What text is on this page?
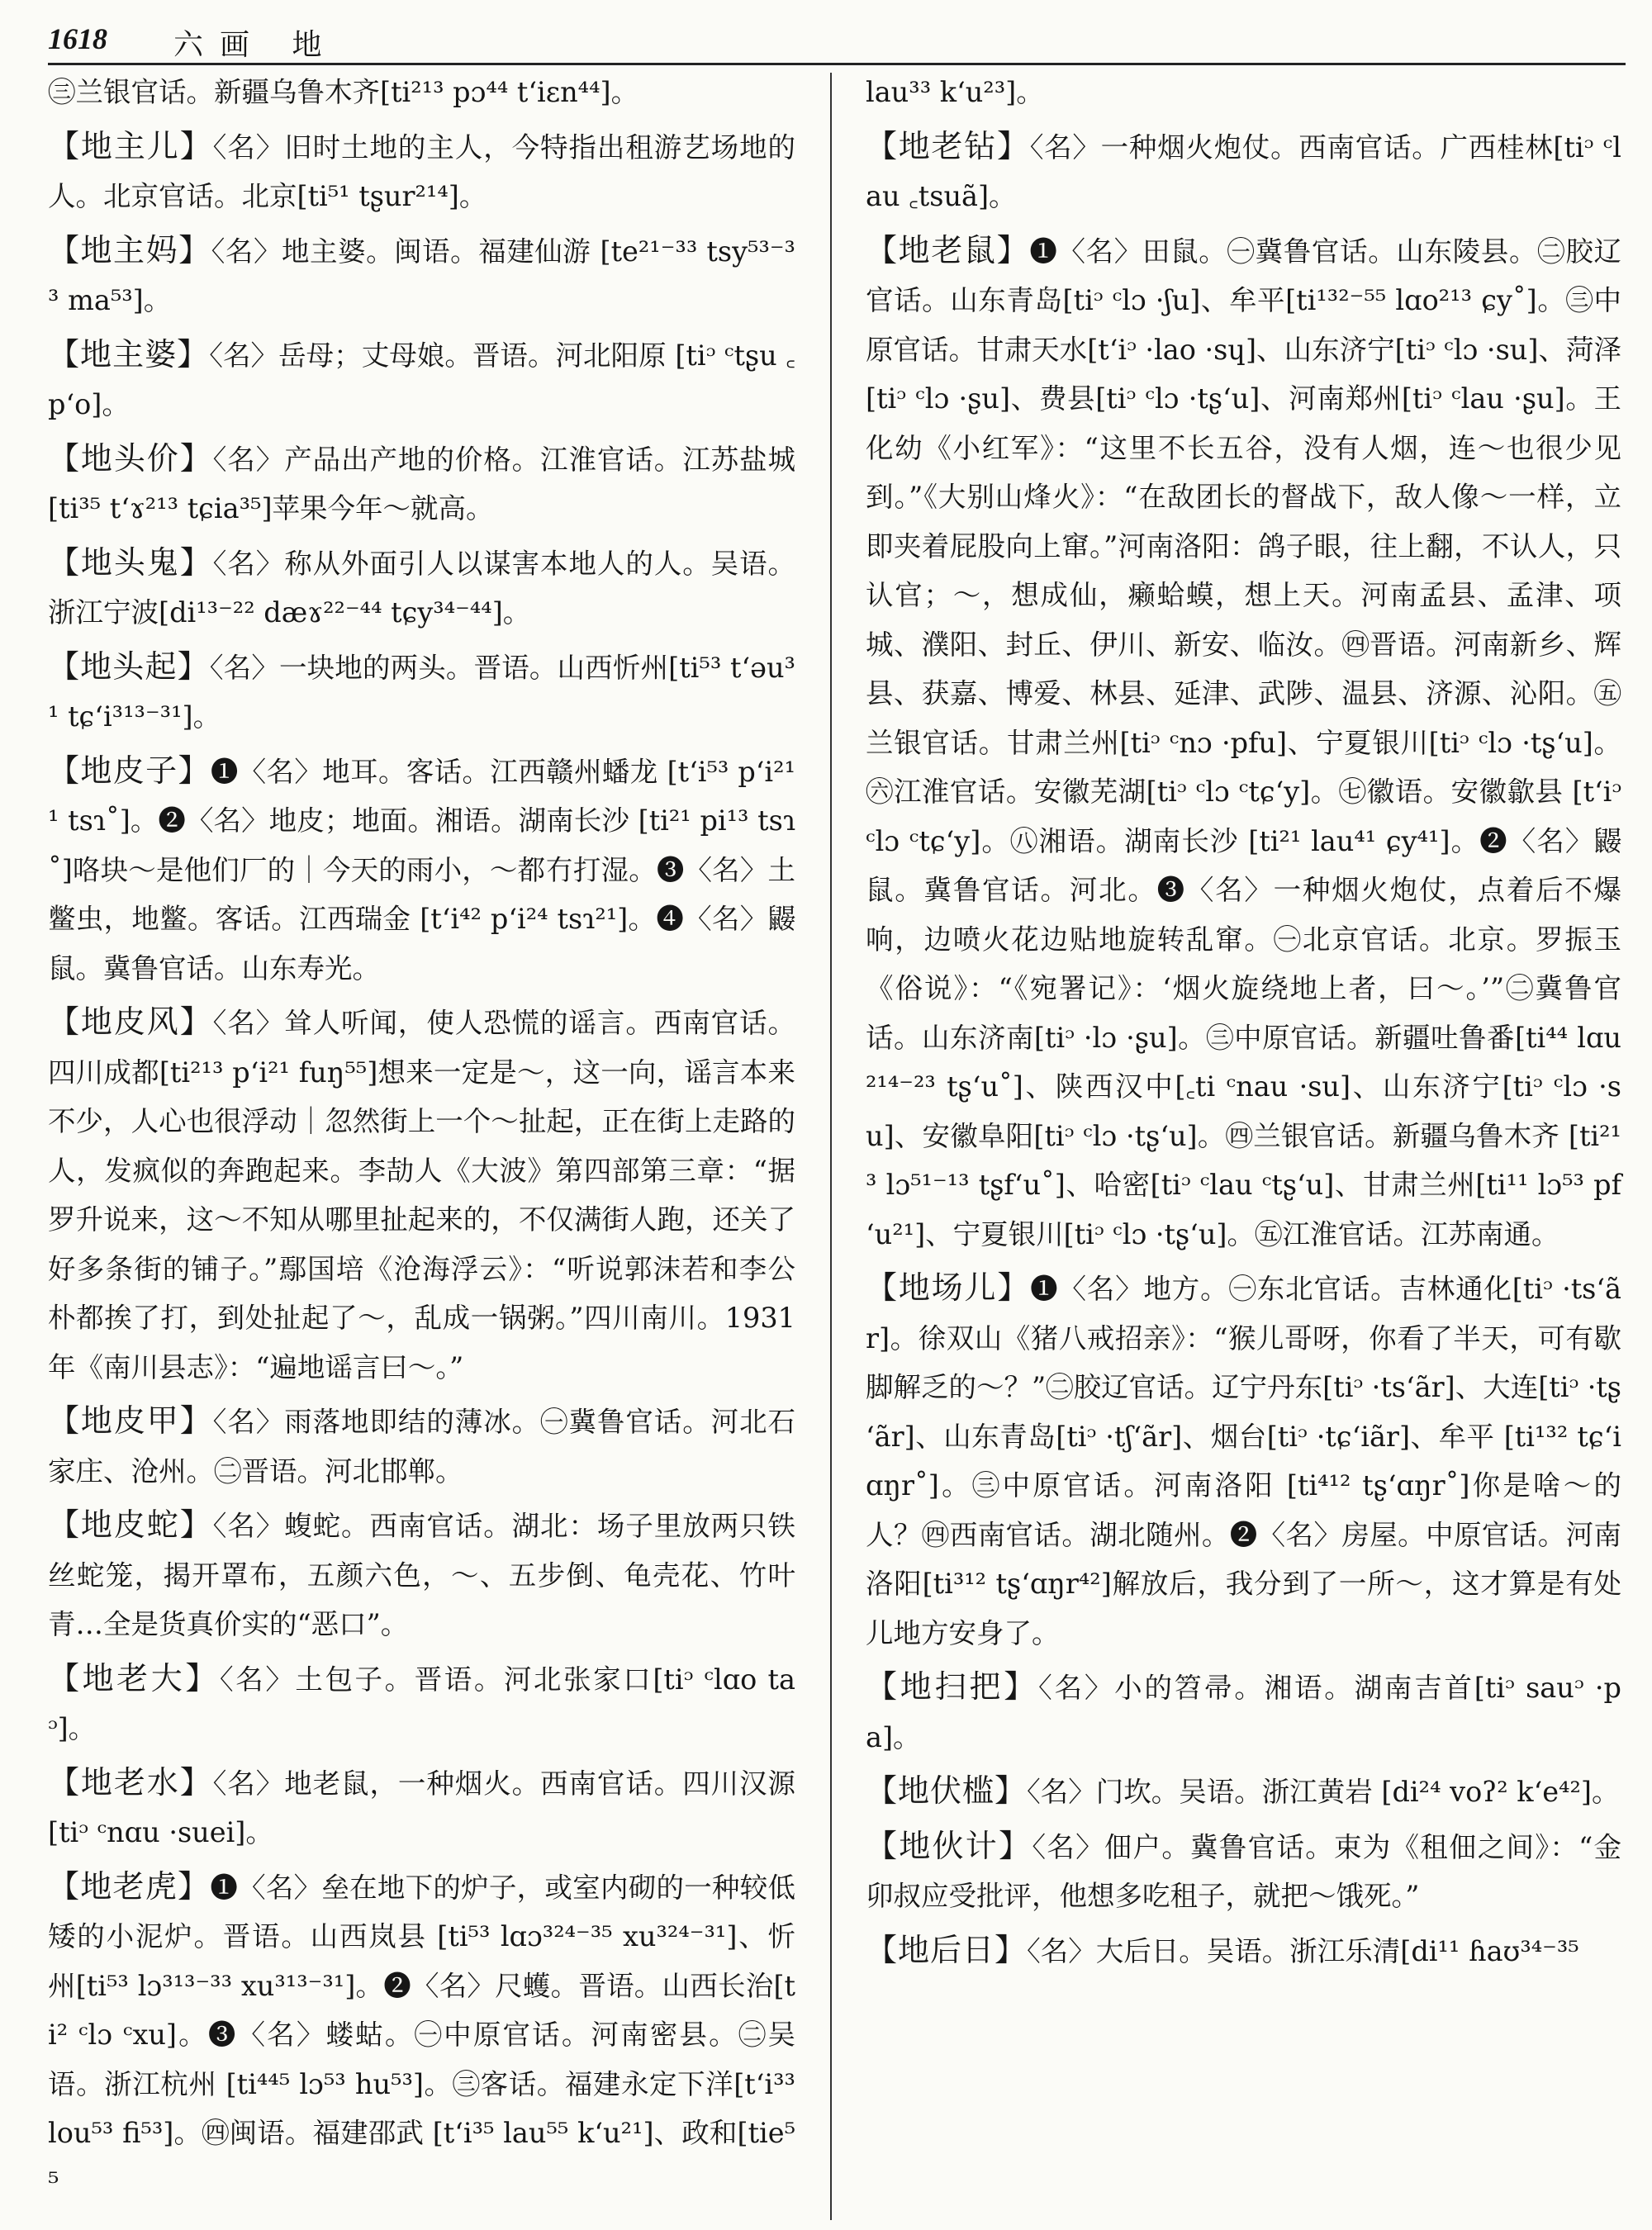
1618 六画 地
㊂兰银官话。新疆乌鲁木齐[ti²¹³ pɔ⁴⁴ tʻiɛn⁴⁴]。
【地主儿】〈名〉旧时土地的主人，今特指出租游艺场地的人。北京官话。北京[ti⁵¹ tʂur²¹⁴]。
【地主妈】〈名〉地主婆。闽语。福建仙游 [te²¹⁻³³ tsy⁵³⁻³³ ma⁵³]。
【地主婆】〈名〉岳母；丈母娘。晋语。河北阳原 [tiᵓ ᶜtʂu ꜀pʻo]。
【地头价】〈名〉产品出产地的价格。江淮官话。江苏盐城[ti³⁵ tʻɤ²¹³ tɕia³⁵]苹果今年～就高。
【地头鬼】〈名〉称从外面引人以谋害本地人的人。吴语。浙江宁波[di¹³⁻²² dæɤ²²⁻⁴⁴ tɕy³⁴⁻⁴⁴]。
【地头起】〈名〉一块地的两头。晋语。山西忻州[ti⁵³ tʻəu³¹ tɕʻi³¹³⁻³¹]。
【地皮子】❶〈名〉地耳。客话。江西赣州蟠龙 [tʻi⁵³ pʻi²¹¹ tsɿ˚]。❷〈名〉地皮；地面。湘语。湖南长沙 [ti²¹ pi¹³ tsɿ˚]咯块～是他们厂的｜今天的雨小，～都冇打湿。❸〈名〉土鳖虫，地鳖。客话。江西瑞金 [tʻi⁴² pʻi²⁴ tsɿ²¹]。❹〈名〉鼹鼠。冀鲁官话。山东寿光。
【地皮风】〈名〉耸人听闻，使人恐慌的谣言。西南官话。四川成都[ti²¹³ pʻi²¹ fuŋ⁵⁵]想来一定是～，这一向，谣言本来不少，人心也很浮动｜忽然街上一个～扯起，正在街上走路的人，发疯似的奔跑起来。李劼人《大波》第四部第三章：“据罗升说来，这～不知从哪里扯起来的，不仅满街人跑，还关了好多条街的铺子。”鄢国培《沧海浮云》：“听说郭沫若和李公朴都挨了打，到处扯起了～，乱成一锅粥。”四川南川。1931年《南川县志》：“遍地谣言曰～。”
【地皮甲】〈名〉雨落地即结的薄冰。㊀冀鲁官话。河北石家庄、沧州。㊁晋语。河北邯郸。
【地皮蛇】〈名〉蝮蛇。西南官话。湖北：场子里放两只铁丝蛇笼，揭开罩布，五颜六色，～、五步倒、龟壳花、竹叶青…全是货真价实的“恶口”。
【地老大】〈名〉土包子。晋语。河北张家口[tiᵓ ᶜlɑo taᵓ]。
【地老水】〈名〉地老鼠，一种烟火。西南官话。四川汉源[tiᵓ ᶜnɑu ·suei]。
【地老虎】❶〈名〉垒在地下的炉子，或室内砌的一种较低矮的小泥炉。晋语。山西岚县 [ti⁵³ lɑɔ³²⁴⁻³⁵ xu³²⁴⁻³¹]、忻州[ti⁵³ lɔ³¹³⁻³³ xu³¹³⁻³¹]。❷〈名〉尺蠖。晋语。山西长治[ti² ᶜlɔ ᶜxu]。❸〈名〉蝼蛄。㊀中原官话。河南密县。㊁吴语。浙江杭州 [ti⁴⁴⁵ lɔ⁵³ hu⁵³]。㊂客话。福建永定下洋[tʻi³³ lou⁵³ fi⁵³]。㊃闽语。福建邵武 [tʻi³⁵ lau⁵⁵ kʻu²¹]、政和[tie⁵⁵
lau³³ kʻu²³]。
【地老钻】〈名〉一种烟火炮仗。西南官话。广西桂林[tiᵓ ᶜlau ꜀tsuã]。
【地老鼠】❶〈名〉田鼠。㊀冀鲁官话。山东陵县。㊁胶辽官话。山东青岛[tiᵓ ᶜlɔ ·ʃu]、牟平[ti¹³²⁻⁵⁵ lɑo²¹³ ɕy˚]。㊂中原官话。甘肃天水[tʻiᵓ ·lao ·sɥ]、山东济宁[tiᵓ ᶜlɔ ·su]、菏泽 [tiᵓ ᶜlɔ ·ʂu]、费县[tiᵓ ᶜlɔ ·tʂʻu]、河南郑州[tiᵓ ᶜlau ·ʂu]。王化幼《小红军》：“这里不长五谷，没有人烟，连～也很少见到。”《大别山烽火》：“在敌团长的督战下，敌人像～一样，立即夹着屁股向上窜。”河南洛阳：鸽子眼，往上翻，不认人，只认官；～，想成仙，癞蛤蟆，想上天。河南孟县、孟津、项城、濮阳、封丘、伊川、新安、临汝。㊃晋语。河南新乡、辉县、获嘉、博爱、林县、延津、武陟、温县、济源、沁阳。㊄兰银官话。甘肃兰州[tiᵓ ᶜnɔ ·pfu]、宁夏银川[tiᵓ ᶜlɔ ·tʂʻu]。㊅江淮官话。安徽芜湖[tiᵓ ᶜlɔ ᶜtɕʻy]。㊆徽语。安徽歙县 [tʻiᵓ ᶜlɔ ᶜtɕʻy]。㊇湘语。湖南长沙 [ti²¹ lau⁴¹ ɕy⁴¹]。❷〈名〉鼹鼠。冀鲁官话。河北。❸〈名〉一种烟火炮仗，点着后不爆响，边喷火花边贴地旋转乱窜。㊀北京官话。北京。罗振玉《俗说》：“《宛署记》：‘烟火旋绕地上者，曰～。’”㊁冀鲁官话。山东济南[tiᵓ ·lɔ ·ʂu]。㊂中原官话。新疆吐鲁番[ti⁴⁴ lɑu²¹⁴⁻²³ tʂʻu˚]、陕西汉中[꜀ti ᶜnau ·su]、山东济宁[tiᵓ ᶜlɔ ·su]、安徽阜阳[tiᵓ ᶜlɔ ·tʂʻu]。㊃兰银官话。新疆乌鲁木齐 [ti²¹³ lɔ⁵¹⁻¹³ tʂfʻu˚]、哈密[tiᵓ ᶜlau ᶜtʂʻu]、甘肃兰州[ti¹¹ lɔ⁵³ pfʻu²¹]、宁夏银川[tiᵓ ᶜlɔ ·tʂʻu]。㊄江淮官话。江苏南通。
【地场儿】❶〈名〉地方。㊀东北官话。吉林通化[tiᵓ ·tsʻãr]。徐双山《猪八戒招亲》：“猴儿哥呀，你看了半天，可有歇脚解乏的～？”㊁胶辽官话。辽宁丹东[tiᵓ ·tsʻãr]、大连[tiᵓ ·tʂʻãr]、山东青岛[tiᵓ ·tʃʻãr]、烟台[tiᵓ ·tɕʻiãr]、牟平 [ti¹³² tɕʻiɑŋr˚]。㊂中原官话。河南洛阳 [ti⁴¹² tʂʻɑŋr˚]你是啥～的人？㊃西南官话。湖北随州。❷〈名〉房屋。中原官话。河南洛阳[ti³¹² tʂʻɑŋr⁴²]解放后，我分到了一所～，这才算是有处儿地方安身了。
【地扫把】〈名〉小的笤帚。湘语。湖南吉首[tiᵓ sauᵓ ·pa]。
【地伏槛】〈名〉门坎。吴语。浙江黄岩 [di²⁴ voʔ² kʻe⁴²]。
【地伙计】〈名〉佃户。冀鲁官话。束为《租佃之间》：“金卯叔应受批评，他想多吃租子，就把～饿死。”
【地后日】〈名〉大后日。吴语。浙江乐清[di¹¹ ɦaʊ³⁴⁻³⁵
